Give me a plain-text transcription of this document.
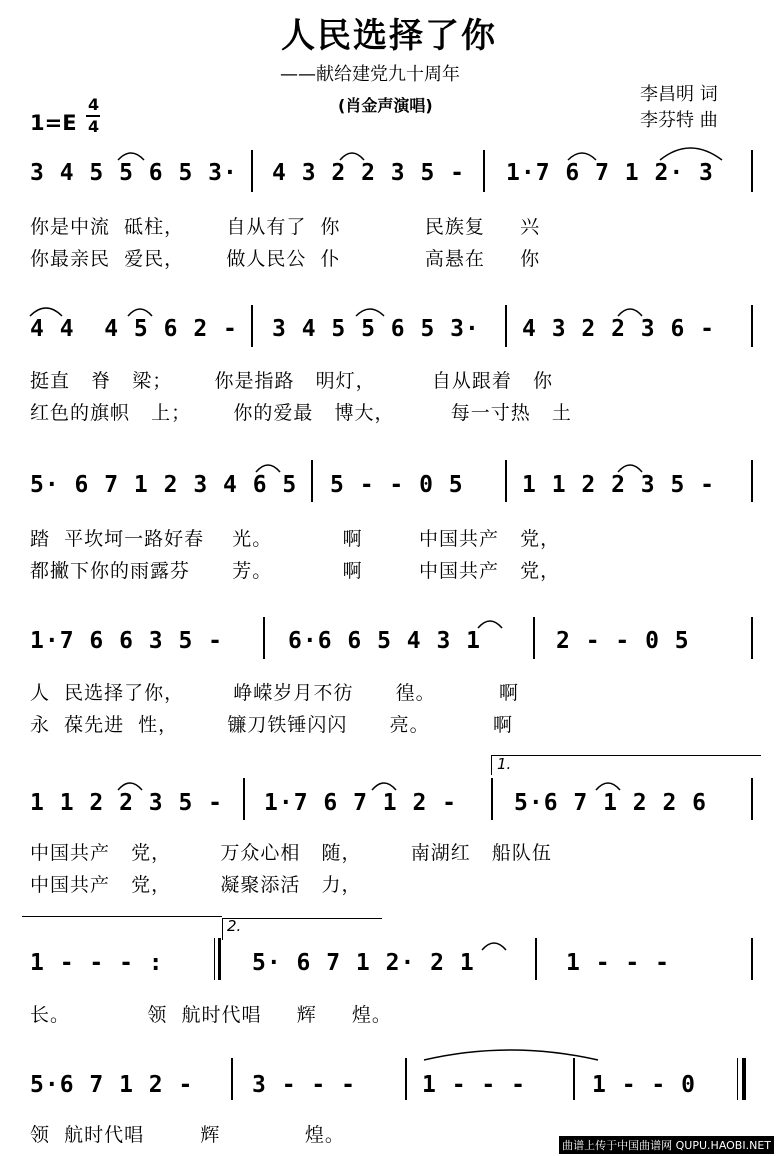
人民选择了你
——献给建党九十周年
(肖金声演唱)
李昌明 词
李芬特 曲
1=E
4
4
3 4 5 5 6 5 3· 4 3 2 2 3 5 - 1·7 6 7 1 2· 3
你是中流  砥柱，      自从有了  你            民族复     兴
你最亲民  爱民，      做人民公  仆            高悬在     你
4 4  4 5 6 2 - 3 4 5 5 6 5 3· 4 3 2 2 3 6 -
挺直   脊   梁；      你是指路   明灯，        自从跟着   你
红色的旗帜   上；      你的爱最   博大，        每一寸热   土
5· 6 7 1 2 3 4 6 5 5 - - 0 5	1 1 2 2 3 5 -
踏  平坎坷一路好春    光。          啊        中国共产   党，
都撇下你的雨露芬      芳。          啊        中国共产   党，
1·7 6 6 3 5 -	6·6 6 5 4 3 1	2 - - 0 5
人  民选择了你，       峥嵘岁月不彷      徨。         啊
永  葆先进  性，       镰刀铁锤闪闪      亮。         啊
1.
1 1 2 2 3 5 - 1·7 6 7 1 2 - 5·6 7 1 2 2 6
中国共产   党，       万众心相   随，       南湖红   船队伍
中国共产   党，       凝聚添活   力，
2.
1 - - - :	5· 6 7 1 2· 2 1	1 - - -
长。           领  航时代唱     辉     煌。
5·6 7 1 2 -	3 - - -	1 - - -	1 - - 0
领  航时代唱        辉            煌。	曲谱上传于中国曲谱网 QUPU.HAOBI.NET
